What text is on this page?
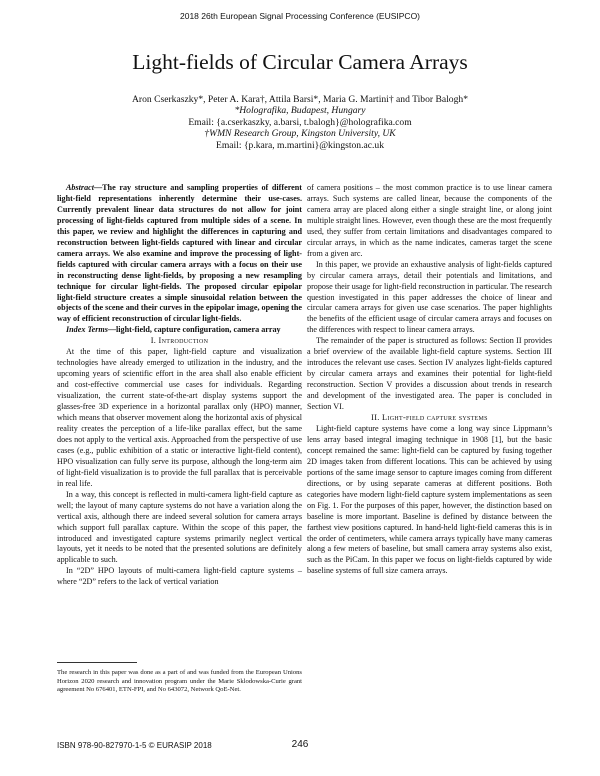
2018 26th European Signal Processing Conference (EUSIPCO)
Light-fields of Circular Camera Arrays
Aron Cserkaszky*, Peter A. Kara†, Attila Barsi*, Maria G. Martini† and Tibor Balogh*
*Holografika, Budapest, Hungary
Email: {a.cserkaszky, a.barsi, t.balogh}@holografika.com
†WMN Research Group, Kingston University, UK
Email: {p.kara, m.martini}@kingston.ac.uk

Abstract—The ray structure and sampling properties of different light-field representations inherently determine their use-cases. Currently prevalent linear data structures do not allow for joint processing of light-fields captured from multiple sides of a scene. In this paper, we review and highlight the differences in capturing and reconstruction between light-fields captured with linear and circular camera arrays. We also examine and improve the processing of light-fields captured with circular camera arrays with a focus on their use in reconstructing dense light-fields, by proposing a new resampling technique for circular light-fields. The proposed circular epipolar light-field structure creates a simple sinusoidal relation between the objects of the scene and their curves in the epipolar image, opening the way of efficient reconstruction of circular light-fields.

Index Terms—light-field, capture configuration, camera array

I. Introduction

At the time of this paper, light-field capture and visualization technologies have already emerged to utilization in the industry, and the upcoming years of scientific effort in the area shall also enable efficient and cost-effective commercial use cases for individuals. Regarding visualization, the current state-of-the-art display systems support the glasses-free 3D experience in a horizontal parallax only (HPO) manner, which means that observer movement along the horizontal axis of physical reality creates the perception of a life-like parallax effect, but the same does not apply to the vertical axis. Approached from the perspective of use cases (e.g., public exhibition of a static or interactive light-field content), HPO visualization can fully serve its purpose, although the long-term aim of light-field visualization is to provide the full parallax that is perceivable in real life.

In a way, this concept is reflected in multi-camera light-field capture as well; the layout of many capture systems do not have a variation along the vertical axis, although there are indeed several solution for camera arrays which support full parallax capture. Within the scope of this paper, the introduced and investigated capture systems primarily neglect vertical layouts, yet it needs to be noted that the presented solutions are definitely applicable to such.

In “2D” HPO layouts of multi-camera light-field capture systems – where “2D” refers to the lack of vertical variation

The research in this paper was done as a part of and was funded from the European Unions Horizon 2020 research and innovation program under the Marie Sklodowska-Curie grant agreement No 676401, ETN-FPI, and No 643072, Network QoE-Net.

of camera positions – the most common practice is to use linear camera arrays. Such systems are called linear, because the components of the camera array are placed along either a single straight line, or along joint multiple straight lines. However, even though these are the most frequently used, they suffer from certain limitations and disadvantages compared to circular arrays, in which as the name indicates, cameras target the scene from a given arc.

In this paper, we provide an exhaustive analysis of light-fields captured by circular camera arrays, detail their potentials and limitations, and propose their usage for light-field reconstruction in particular. The research question investigated in this paper addresses the choice of linear and circular camera arrays for given use case scenarios. The paper highlights the benefits of the efficient usage of circular camera arrays and focuses on the differences with respect to linear camera arrays.

The remainder of the paper is structured as follows: Section II provides a brief overview of the available light-field capture systems. Section III introduces the relevant use cases. Section IV analyzes light-fields captured by circular camera arrays and examines their potential for light-field reconstruction. Section V provides a discussion about trends in research and development of the investigated area. The paper is concluded in Section VI.

II. Light-field capture systems

Light-field capture systems have come a long way since Lippmann’s lens array based integral imaging technique in 1908 [1], but the basic concept remained the same: light-field can be captured by fusing together 2D images taken from different locations. This can be achieved by using portions of the same image sensor to capture images coming from different directions, or by using separate cameras at different positions. Both categories have modern light-field capture system implementations as seen on Fig. 1. For the purposes of this paper, however, the distinction based on baseline is more important. Baseline is defined by distance between the farthest view positions captured. In hand-held light-field cameras this is in the order of centimeters, while camera arrays typically have many cameras along a few meters of baseline, but small camera array systems also exist, such as the PiCam. In this paper we focus on light-fields captured by wide baseline systems of full size camera arrays.

ISBN 978-90-827970-1-5 © EURASIP 2018	246
